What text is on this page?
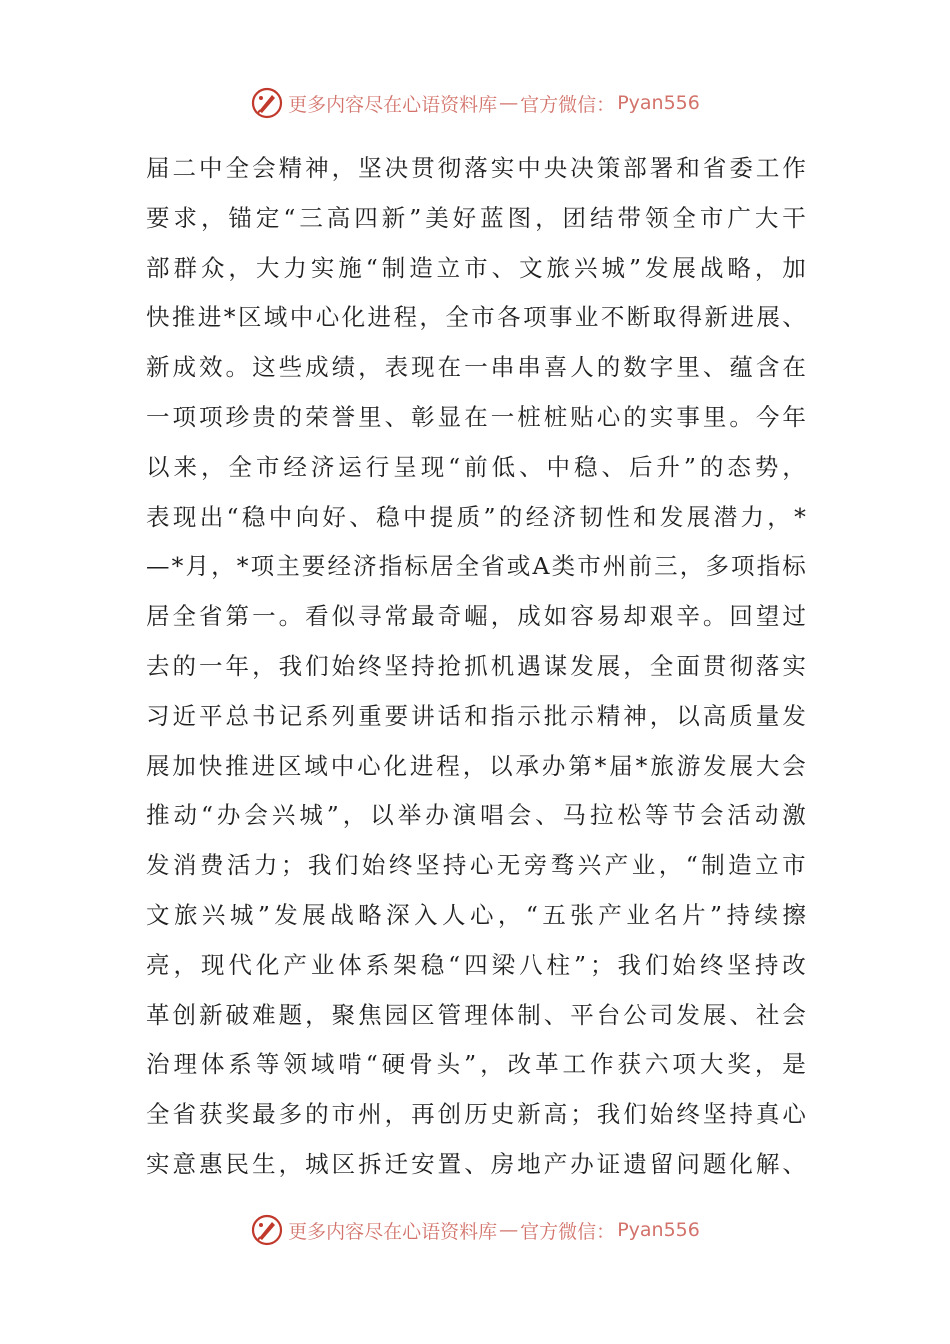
更多内容尽在心语资料库 — 官方微信： Pyan556
届 二 中 全 会 精 神 ， 坚 决 贯 彻 落 实 中 央 决 策 部 署 和 省 委 工 作
要 求 ， 锚 定 “ 三 高 四 新 ” 美 好 蓝 图 ， 团 结 带 领 全 市 广 大 干
部 群 众 ， 大 力 实 施 “ 制 造 立 市 、 文 旅 兴 城 ” 发 展 战 略 ， 加
快 推 进 * 区 域 中 心 化 进 程 ， 全 市 各 项 事 业 不 断 取 得 新 进 展 、
新 成 效 。 这 些 成 绩 ， 表 现 在 一 串 串 喜 人 的 数 字 里 、 蕴 含 在
一 项 项 珍 贵 的 荣 誉 里 、 彰 显 在 一 桩 桩 贴 心 的 实 事 里 。 今 年
以 来 ， 全 市 经 济 运 行 呈 现 “ 前 低 、 中 稳 、 后 升 ” 的 态 势 ，
表 现 出 “ 稳 中 向 好 、 稳 中 提 质 ” 的 经 济 韧 性 和 发 展 潜 力 ， *
— * 月 ， * 项 主 要 经 济 指 标 居 全 省 或 A 类 市 州 前 三 ， 多 项 指 标
居 全 省 第 一 。 看 似 寻 常 最 奇 崛 ， 成 如 容 易 却 艰 辛 。 回 望 过
去 的 一 年 ， 我 们 始 终 坚 持 抢 抓 机 遇 谋 发 展 ， 全 面 贯 彻 落 实
习 近 平 总 书 记 系 列 重 要 讲 话 和 指 示 批 示 精 神 ， 以 高 质 量 发
展 加 快 推 进 区 域 中 心 化 进 程 ， 以 承 办 第 * 届 * 旅 游 发 展 大 会
推 动 “ 办 会 兴 城 ” ， 以 举 办 演 唱 会 、 马 拉 松 等 节 会 活 动 激
发 消 费 活 力 ； 我 们 始 终 坚 持 心 无 旁 骛 兴 产 业 ， “ 制 造 立 市
文 旅 兴 城 ” 发 展 战 略 深 入 人 心 ， “ 五 张 产 业 名 片 ” 持 续 擦
亮 ， 现 代 化 产 业 体 系 架 稳 “ 四 梁 八 柱 ” ； 我 们 始 终 坚 持 改
革 创 新 破 难 题 ， 聚 焦 园 区 管 理 体 制 、 平 台 公 司 发 展 、 社 会
治 理 体 系 等 领 域 啃 “ 硬 骨 头 ” ， 改 革 工 作 获 六 项 大 奖 ， 是
全 省 获 奖 最 多 的 市 州 ， 再 创 历 史 新 高 ； 我 们 始 终 坚 持 真 心
实 意 惠 民 生 ， 城 区 拆 迁 安 置 、 房 地 产 办 证 遗 留 问 题 化 解 、
更多内容尽在心语资料库 — 官方微信： Pyan556
